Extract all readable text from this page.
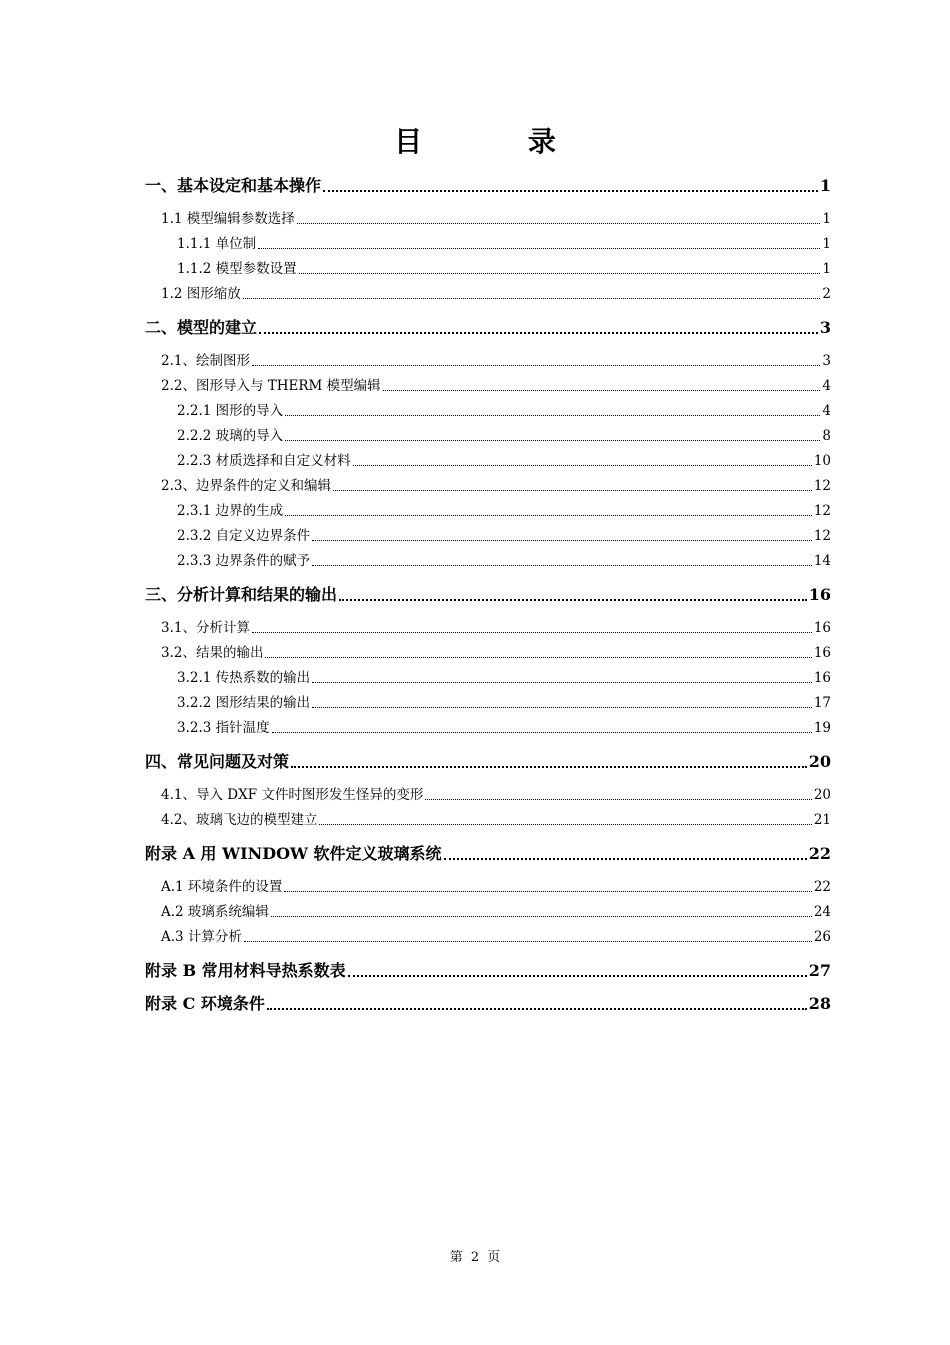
目 录
一、基本设定和基本操作	1
1.1 模型编辑参数选择	1
1.1.1 单位制	1
1.1.2 模型参数设置	1
1.2 图形缩放	2
二、模型的建立	3
2.1、绘制图形	3
2.2、图形导入与 THERM 模型编辑	4
2.2.1 图形的导入	4
2.2.2 玻璃的导入	8
2.2.3 材质选择和自定义材料	10
2.3、边界条件的定义和编辑	12
2.3.1 边界的生成	12
2.3.2 自定义边界条件	12
2.3.3 边界条件的赋予	14
三、分析计算和结果的输出	16
3.1、分析计算	16
3.2、结果的输出	16
3.2.1 传热系数的输出	16
3.2.2 图形结果的输出	17
3.2.3 指针温度	19
四、常见问题及对策	20
4.1、导入 DXF 文件时图形发生怪异的变形	20
4.2、玻璃飞边的模型建立	21
附录 A 用 WINDOW 软件定义玻璃系统	22
A.1 环境条件的设置	22
A.2 玻璃系统编辑	24
A.3 计算分析	26
附录 B 常用材料导热系数表	27
附录 C 环境条件	28
第 2 页
